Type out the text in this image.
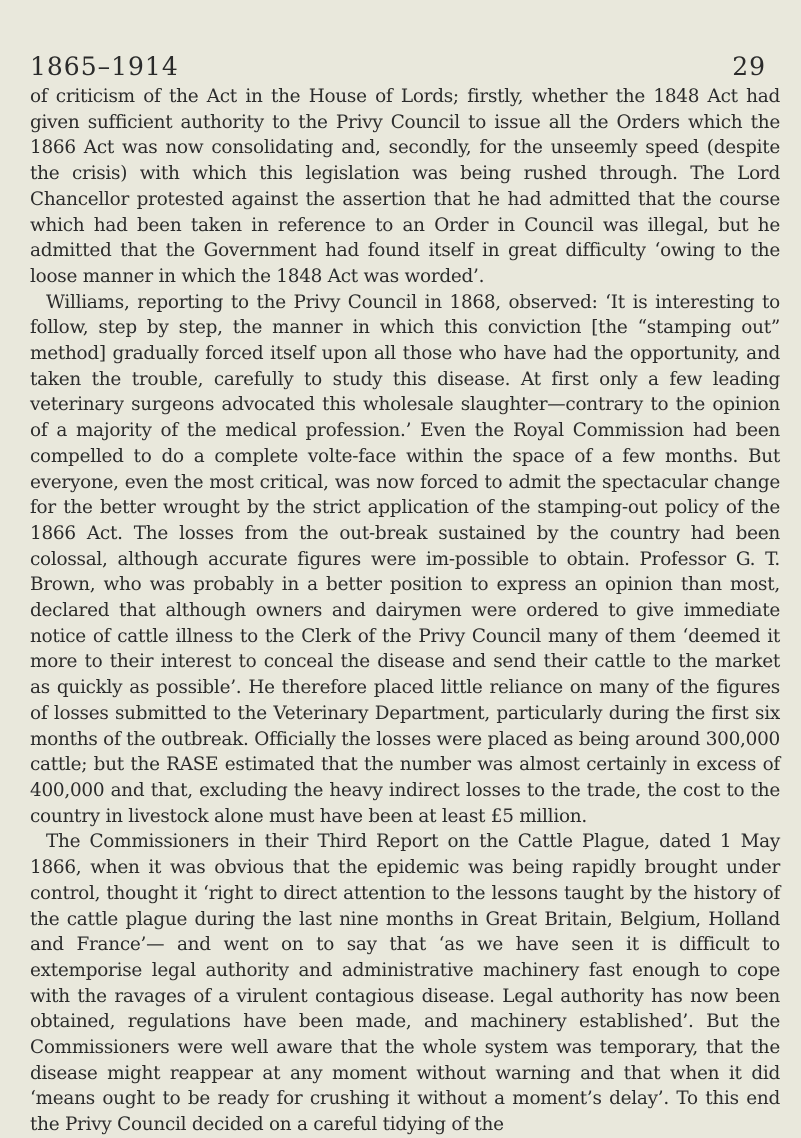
1865–1914	29

of criticism of the Act in the House of Lords; firstly, whether the 1848 Act had given sufficient authority to the Privy Council to issue all the Orders which the 1866 Act was now consolidating and, secondly, for the unseemly speed (despite the crisis) with which this legislation was being rushed through. The Lord Chancellor protested against the assertion that he had admitted that the course which had been taken in reference to an Order in Council was illegal, but he admitted that the Government had found itself in great difficulty ‘owing to the loose manner in which the 1848 Act was worded’.

Williams, reporting to the Privy Council in 1868, observed: ‘It is interesting to follow, step by step, the manner in which this conviction [the “stamping out” method] gradually forced itself upon all those who have had the opportunity, and taken the trouble, carefully to study this disease. At first only a few leading veterinary surgeons advocated this wholesale slaughter—contrary to the opinion of a majority of the medical profession.’ Even the Royal Commission had been compelled to do a complete volte-face within the space of a few months. But everyone, even the most critical, was now forced to admit the spectacular change for the better wrought by the strict application of the stamping-out policy of the 1866 Act. The losses from the out-break sustained by the country had been colossal, although accurate figures were im-possible to obtain. Professor G. T. Brown, who was probably in a better position to express an opinion than most, declared that although owners and dairymen were ordered to give immediate notice of cattle illness to the Clerk of the Privy Council many of them ‘deemed it more to their interest to conceal the disease and send their cattle to the market as quickly as possible’. He therefore placed little reliance on many of the figures of losses submitted to the Veterinary Department, particularly during the first six months of the outbreak. Officially the losses were placed as being around 300,000 cattle; but the RASE estimated that the number was almost certainly in excess of 400,000 and that, excluding the heavy indirect losses to the trade, the cost to the country in livestock alone must have been at least £5 million.

The Commissioners in their Third Report on the Cattle Plague, dated 1 May 1866, when it was obvious that the epidemic was being rapidly brought under control, thought it ‘right to direct attention to the lessons taught by the history of the cattle plague during the last nine months in Great Britain, Belgium, Holland and France’— and went on to say that ‘as we have seen it is difficult to extemporise legal authority and administrative machinery fast enough to cope with the ravages of a virulent contagious disease. Legal authority has now been obtained, regulations have been made, and machinery established’. But the Commissioners were well aware that the whole system was temporary, that the disease might reappear at any moment without warning and that when it did ‘means ought to be ready for crushing it without a moment’s delay’. To this end the Privy Council decided on a careful tidying of the
